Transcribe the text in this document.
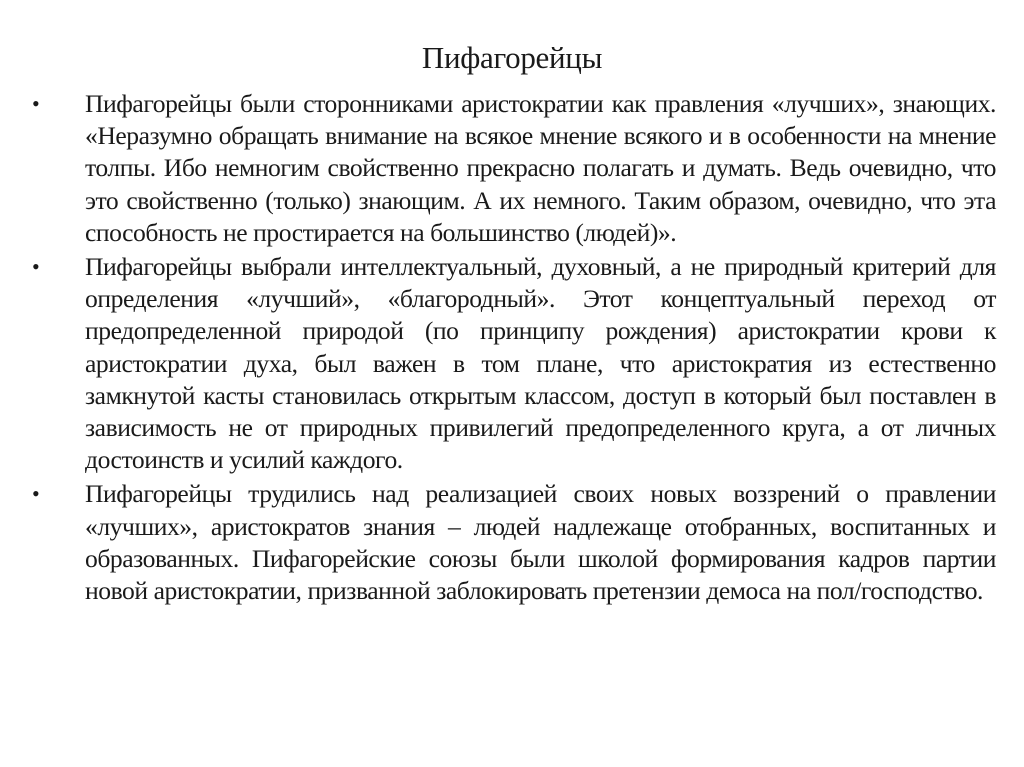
Пифагорейцы
• Пифагорейцы были сторонниками аристократии как правления «лучших», знающих. «Неразумно обращать внимание на всякое мнение всякого и в особенности на мнение толпы. Ибо немногим свойственно прекрасно полагать и думать. Ведь очевидно, что это свойственно (только) знающим. А их немного. Таким образом, очевидно, что эта способность не простирается на большинство (людей)».
• Пифагорейцы выбрали интеллектуальный, духовный, а не природный критерий для определения «лучший», «благородный». Этот концептуальный переход от предопределенной природой (по принципу рождения) аристократии крови к аристократии духа, был важен в том плане, что аристократия из естественно замкнутой касты становилась открытым классом, доступ в который был поставлен в зависимость не от природных привилегий предопределенного круга, а от личных достоинств и усилий каждого.
• Пифагорейцы трудились над реализацией своих новых воззрений о правлении «лучших», аристократов знания – людей надлежаще отобранных, воспитанных и образованных. Пифагорейские союзы были школой формирования кадров партии новой аристократии, призванной заблокировать претензии демоса на пол/господство.
